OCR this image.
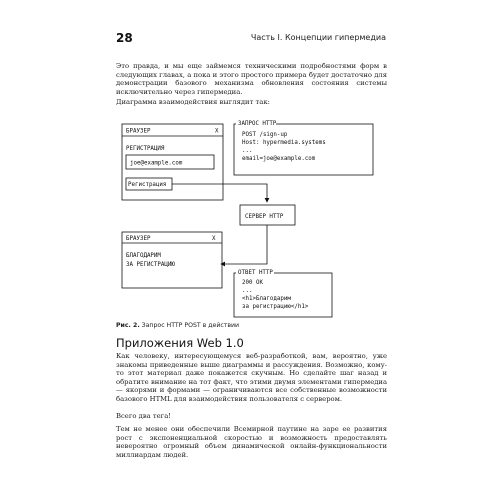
28	Часть I. Концепции гипермедиа

Это правда, и мы еще займемся техническими подробностями форм в следующих главах, а пока и этого простого примера будет достаточно для демонстрации базового механизма обновления состояния системы исключительно через гипермедиа.

Диаграмма взаимодействия выглядит так:

БРАУЗЕР	X
РЕГИСТРАЦИЯ
joe@example.com
Регистрация
ЗАПРОС HTTP
POST /sign-up
Host: hypermedia.systems
...
email=joe@example.com
СЕРВЕР HTTP
БРАУЗЕР	X
БЛАГОДАРИМ
ЗА РЕГИСТРАЦИЮ
ОТВЕТ HTTP
200 OK
...
<h1>Благодарим
за регистрацию</h1>
Рис. 2. Запрос HTTP POST в действии
Приложения Web 1.0

Как человеку, интересующемуся веб-разработкой, вам, вероятно, уже знакомы приведенные выше диаграммы и рассуждения. Возможно, кому-то этот материал даже покажется скучным. Но сделайте шаг назад и обратите внимание на тот факт, что этими двумя элементами гипермедиа — якорями и формами — ограничиваются все собственные возможности базового HTML для взаимодействия пользователя с сервером.

Всего два тега!

Тем не менее они обеспечили Всемирной паутине на заре ее развития рост с экспоненциальной скоростью и возможность предоставлять невероятно огромный объем динамической онлайн-функциональности миллиардам людей.
